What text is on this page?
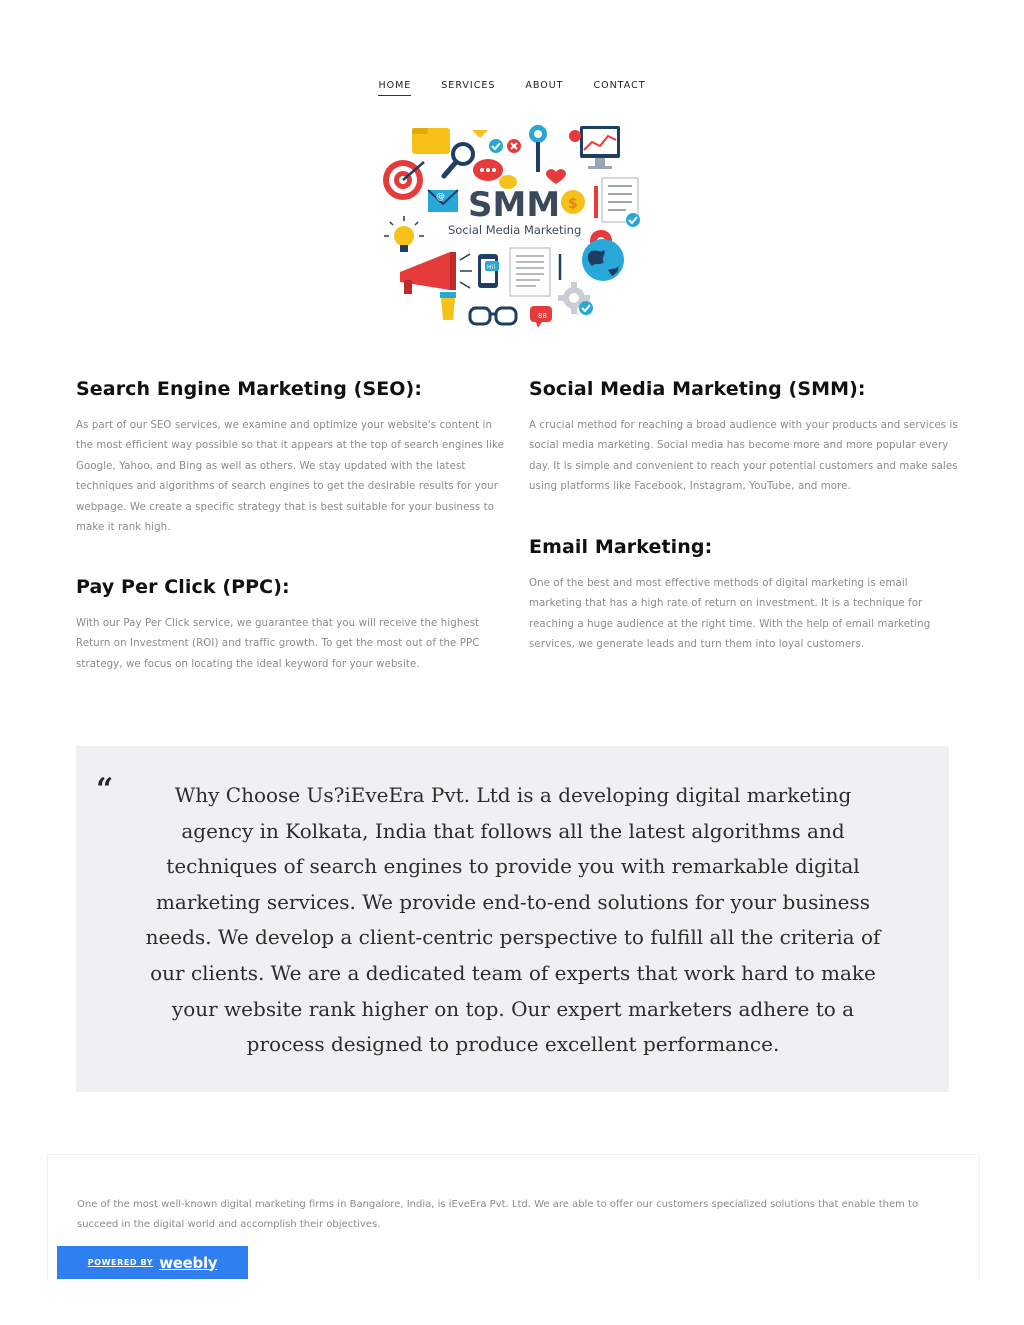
HOME	SERVICES	ABOUT	CONTACT
@ SMM $
Social Media Marketing
Hi!
88
Search Engine Marketing (SEO):

As part of our SEO services, we examine and optimize your website's content in the most efficient way possible so that it appears at the top of search engines like Google, Yahoo, and Bing as well as others. We stay updated with the latest techniques and algorithms of search engines to get the desirable results for your webpage. We create a specific strategy that is best suitable for your business to make it rank high.

Pay Per Click (PPC):

With our Pay Per Click service, we guarantee that you will receive the highest Return on Investment (ROI) and traffic growth. To get the most out of the PPC strategy, we focus on locating the ideal keyword for your website.

Social Media Marketing (SMM):

A crucial method for reaching a broad audience with your products and services is social media marketing. Social media has become more and more popular every day. It is simple and convenient to reach your potential customers and make sales using platforms like Facebook, Instagram, YouTube, and more.

Email Marketing:

One of the best and most effective methods of digital marketing is email marketing that has a high rate of return on investment. It is a technique for reaching a huge audience at the right time. With the help of email marketing services, we generate leads and turn them into loyal customers.

“	Why Choose Us?iEveEra Pvt. Ltd is a developing digital marketing agency in Kolkata, India that follows all the latest algorithms and techniques of search engines to provide you with remarkable digital marketing services. We provide end-to-end solutions for your business needs. We develop a client-centric perspective to fulfill all the criteria of our clients. We are a dedicated team of experts that work hard to make your website rank higher on top. Our expert marketers adhere to a process designed to produce excellent performance.

One of the most well-known digital marketing firms in Bangalore, India, is iEveEra Pvt. Ltd. We are able to offer our customers specialized solutions that enable them to succeed in the digital world and accomplish their objectives.

POWERED BY weebly
